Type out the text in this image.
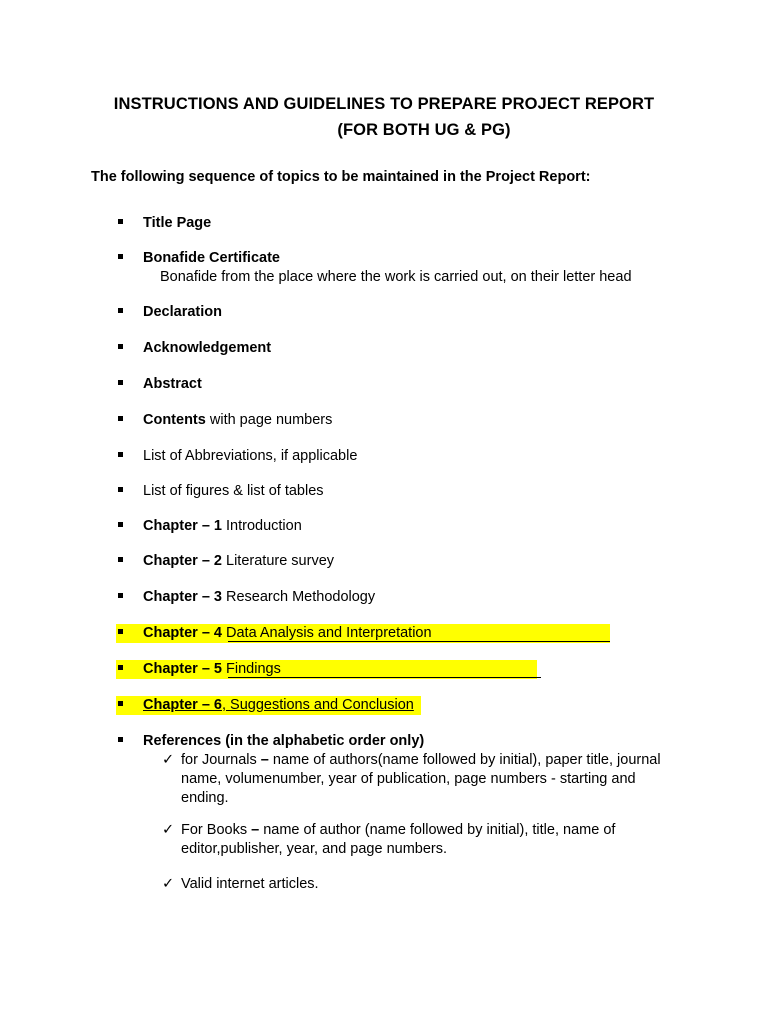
INSTRUCTIONS AND GUIDELINES TO PREPARE PROJECT REPORT
(FOR BOTH UG & PG)
The following sequence of topics to be maintained in the Project Report:
Title Page
Bonafide Certificate
Declaration
Acknowledgement
Abstract
Contents with page numbers
List of Abbreviations, if applicable
List of figures & list of tables
Chapter – 1 Introduction
Chapter – 2 Literature survey
Chapter – 3 Research Methodology
Chapter – 4 Data Analysis and Interpretation
Chapter – 5 Findings
Chapter – 6, Suggestions and Conclusion
References (in the alphabetic order only)
Bonafide from the place where the work is carried out, on their letter head
✓ for Journals – name of authors(name followed by initial), paper title, journal
name, volumenumber, year of publication, page numbers - starting and
ending.
✓ For Books – name of author (name followed by initial), title, name of
editor,publisher, year, and page numbers.
✓ Valid internet articles.
